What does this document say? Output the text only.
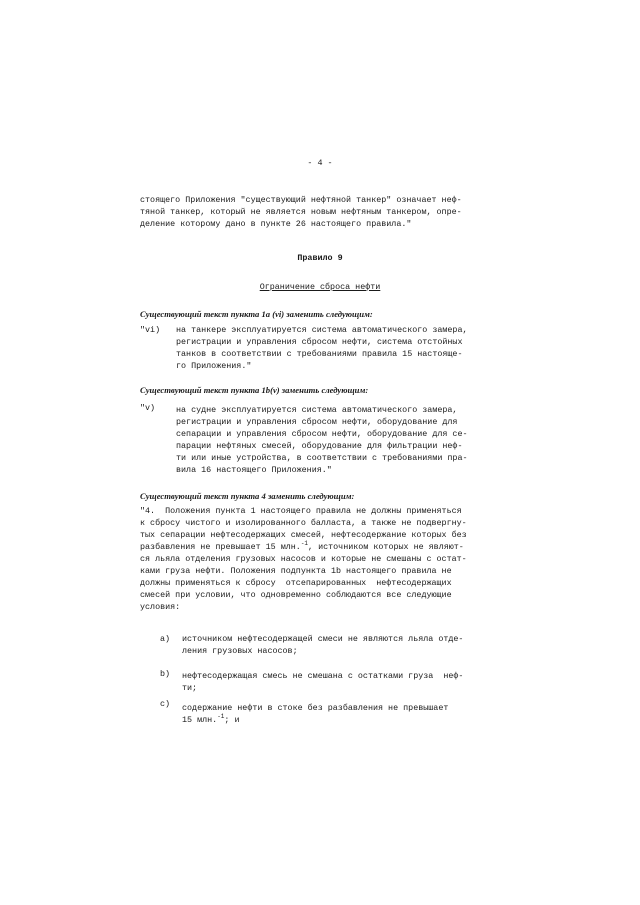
- 4 -
стоящего Приложения "существующий нефтяной танкер" означает неф-
тяной танкер, который не является новым нефтяным танкером, опре-
деление которому дано в пункте 26 настоящего правила."
Правило 9
Ограничение сброса нефти
Существующий текст пункта 1а (vi) заменить следующим:
"vi) на танкере эксплуатируется система автоматического замера,
регистрации и управления сбросом нефти, система отстойных
танков в соответствии с требованиями правила 15 настояще-
го Приложения."
Существующий текст пункта 1b(v) заменить следующим:
"v) на судне эксплуатируется система автоматического замера,
регистрации и управления сбросом нефти, оборудование для
сепарации и управления сбросом нефти, оборудование для се-
парации нефтяных смесей, оборудование для фильтрации неф-
ти или иные устройства, в соответствии с требованиями пра-
вила 16 настоящего Приложения."
Существующий текст пункта 4 заменить следующим:
"4.  Положения пункта 1 настоящего правила не должны применяться
к сбросу чистого и изолированного балласта, а также не подвергну-
тых сепарации нефтесодержащих смесей, нефтесодержание которых без
разбавления не превышает 15 млн.$^{-1}$, источником которых не являют-
ся льяла отделения грузовых насосов и которые не смешаны с остат-
ками груза нефти. Положения подпункта 1b настоящего правила не
должны применяться к сбросу  отсепарированных  нефтесодержащих
смесей при условии, что одновременно соблюдаются все следующие
условия:
а) источником нефтесодержащей смеси не являются льяла отде-
ления грузовых насосов;
b) нефтесодержащая смесь не смешана с остатками груза  неф-
ти;
c) содержание нефти в стоке без разбавления не превышает
15 млн.$^{-1}$; и
